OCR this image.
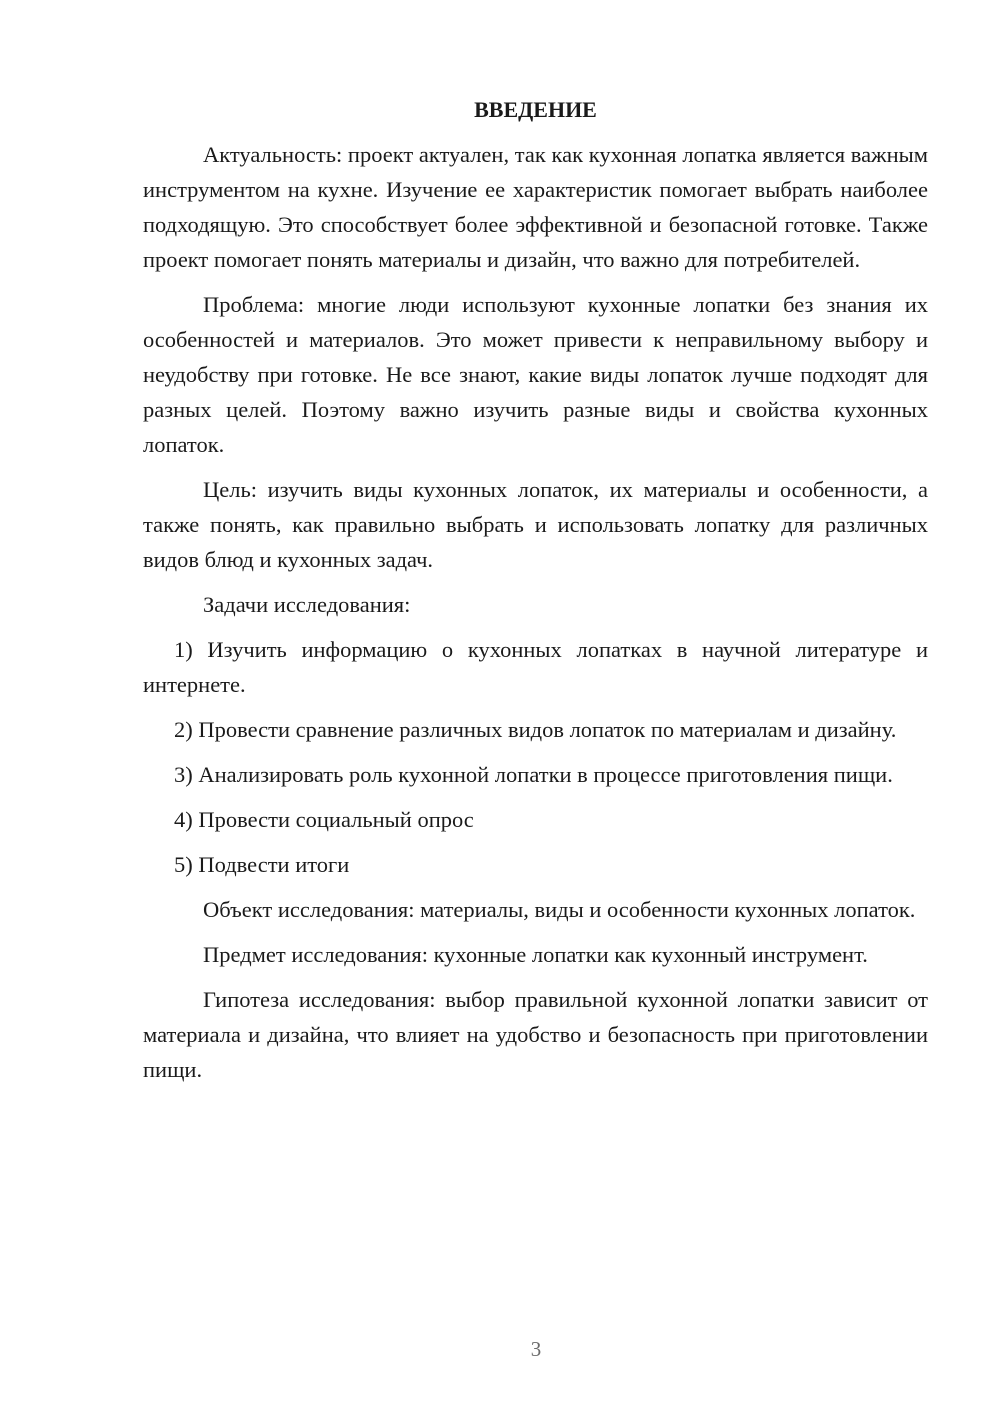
ВВЕДЕНИЕ

Актуальность: проект актуален, так как кухонная лопатка является важным инструментом на кухне. Изучение ее характеристик помогает выбрать наиболее подходящую. Это способствует более эффективной и безопасной готовке. Также проект помогает понять материалы и дизайн, что важно для потребителей.

Проблема: многие люди используют кухонные лопатки без знания их особенностей и материалов. Это может привести к неправильному выбору и неудобству при готовке. Не все знают, какие виды лопаток лучше подходят для разных целей. Поэтому важно изучить разные виды и свойства кухонных лопаток.

Цель: изучить виды кухонных лопаток, их материалы и особенности, а также понять, как правильно выбрать и использовать лопатку для различных видов блюд и кухонных задач.

Задачи исследования:

1) Изучить информацию о кухонных лопатках в научной литературе и интернете.

2) Провести сравнение различных видов лопаток по материалам и дизайну.

3) Анализировать роль кухонной лопатки в процессе приготовления пищи.

4) Провести социальный опрос

5) Подвести итоги

Объект исследования: материалы, виды и особенности кухонных лопаток.

Предмет исследования: кухонные лопатки как кухонный инструмент.

Гипотеза исследования: выбор правильной кухонной лопатки зависит от материала и дизайна, что влияет на удобство и безопасность при приготовлении пищи.

3
